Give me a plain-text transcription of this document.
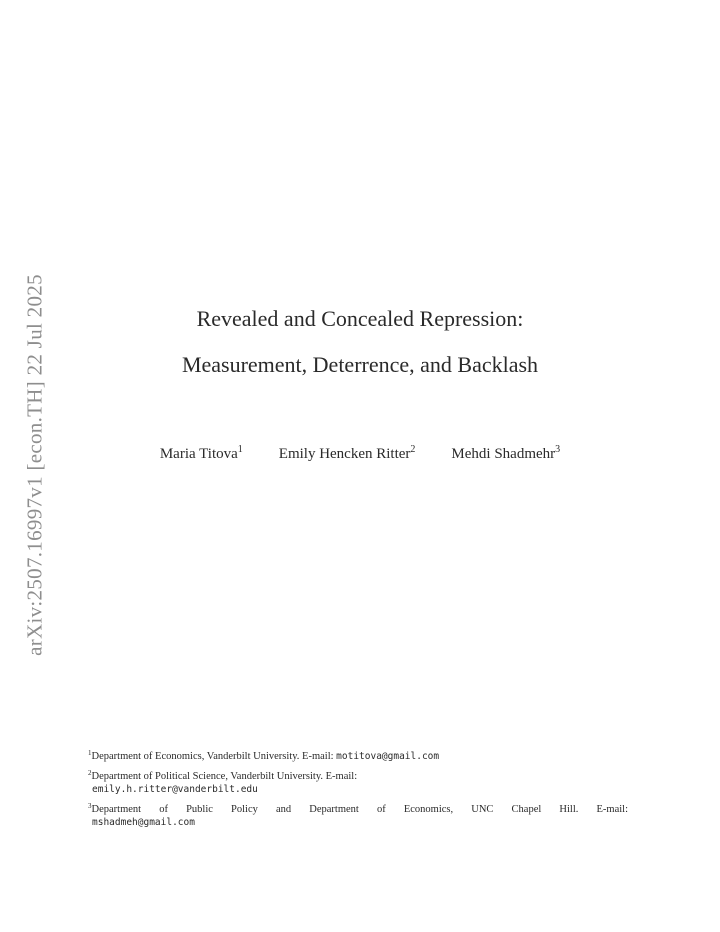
arXiv:2507.16997v1 [econ.TH] 22 Jul 2025	Revealed and Concealed Repression:
Measurement, Deterrence, and Backlash
Maria Titova$^1$ Emily Hencken Ritter$^2$ Mehdi Shadmehr$^3$
$^1$Department of Economics, Vanderbilt University. E-mail: motitova@gmail.com
$^2$Department of Political Science, Vanderbilt University. E-mail:
emily.h.ritter@vanderbilt.edu
$^3$Department of Public Policy and Department of Economics, UNC Chapel Hill. E-mail:
mshadmeh@gmail.com
